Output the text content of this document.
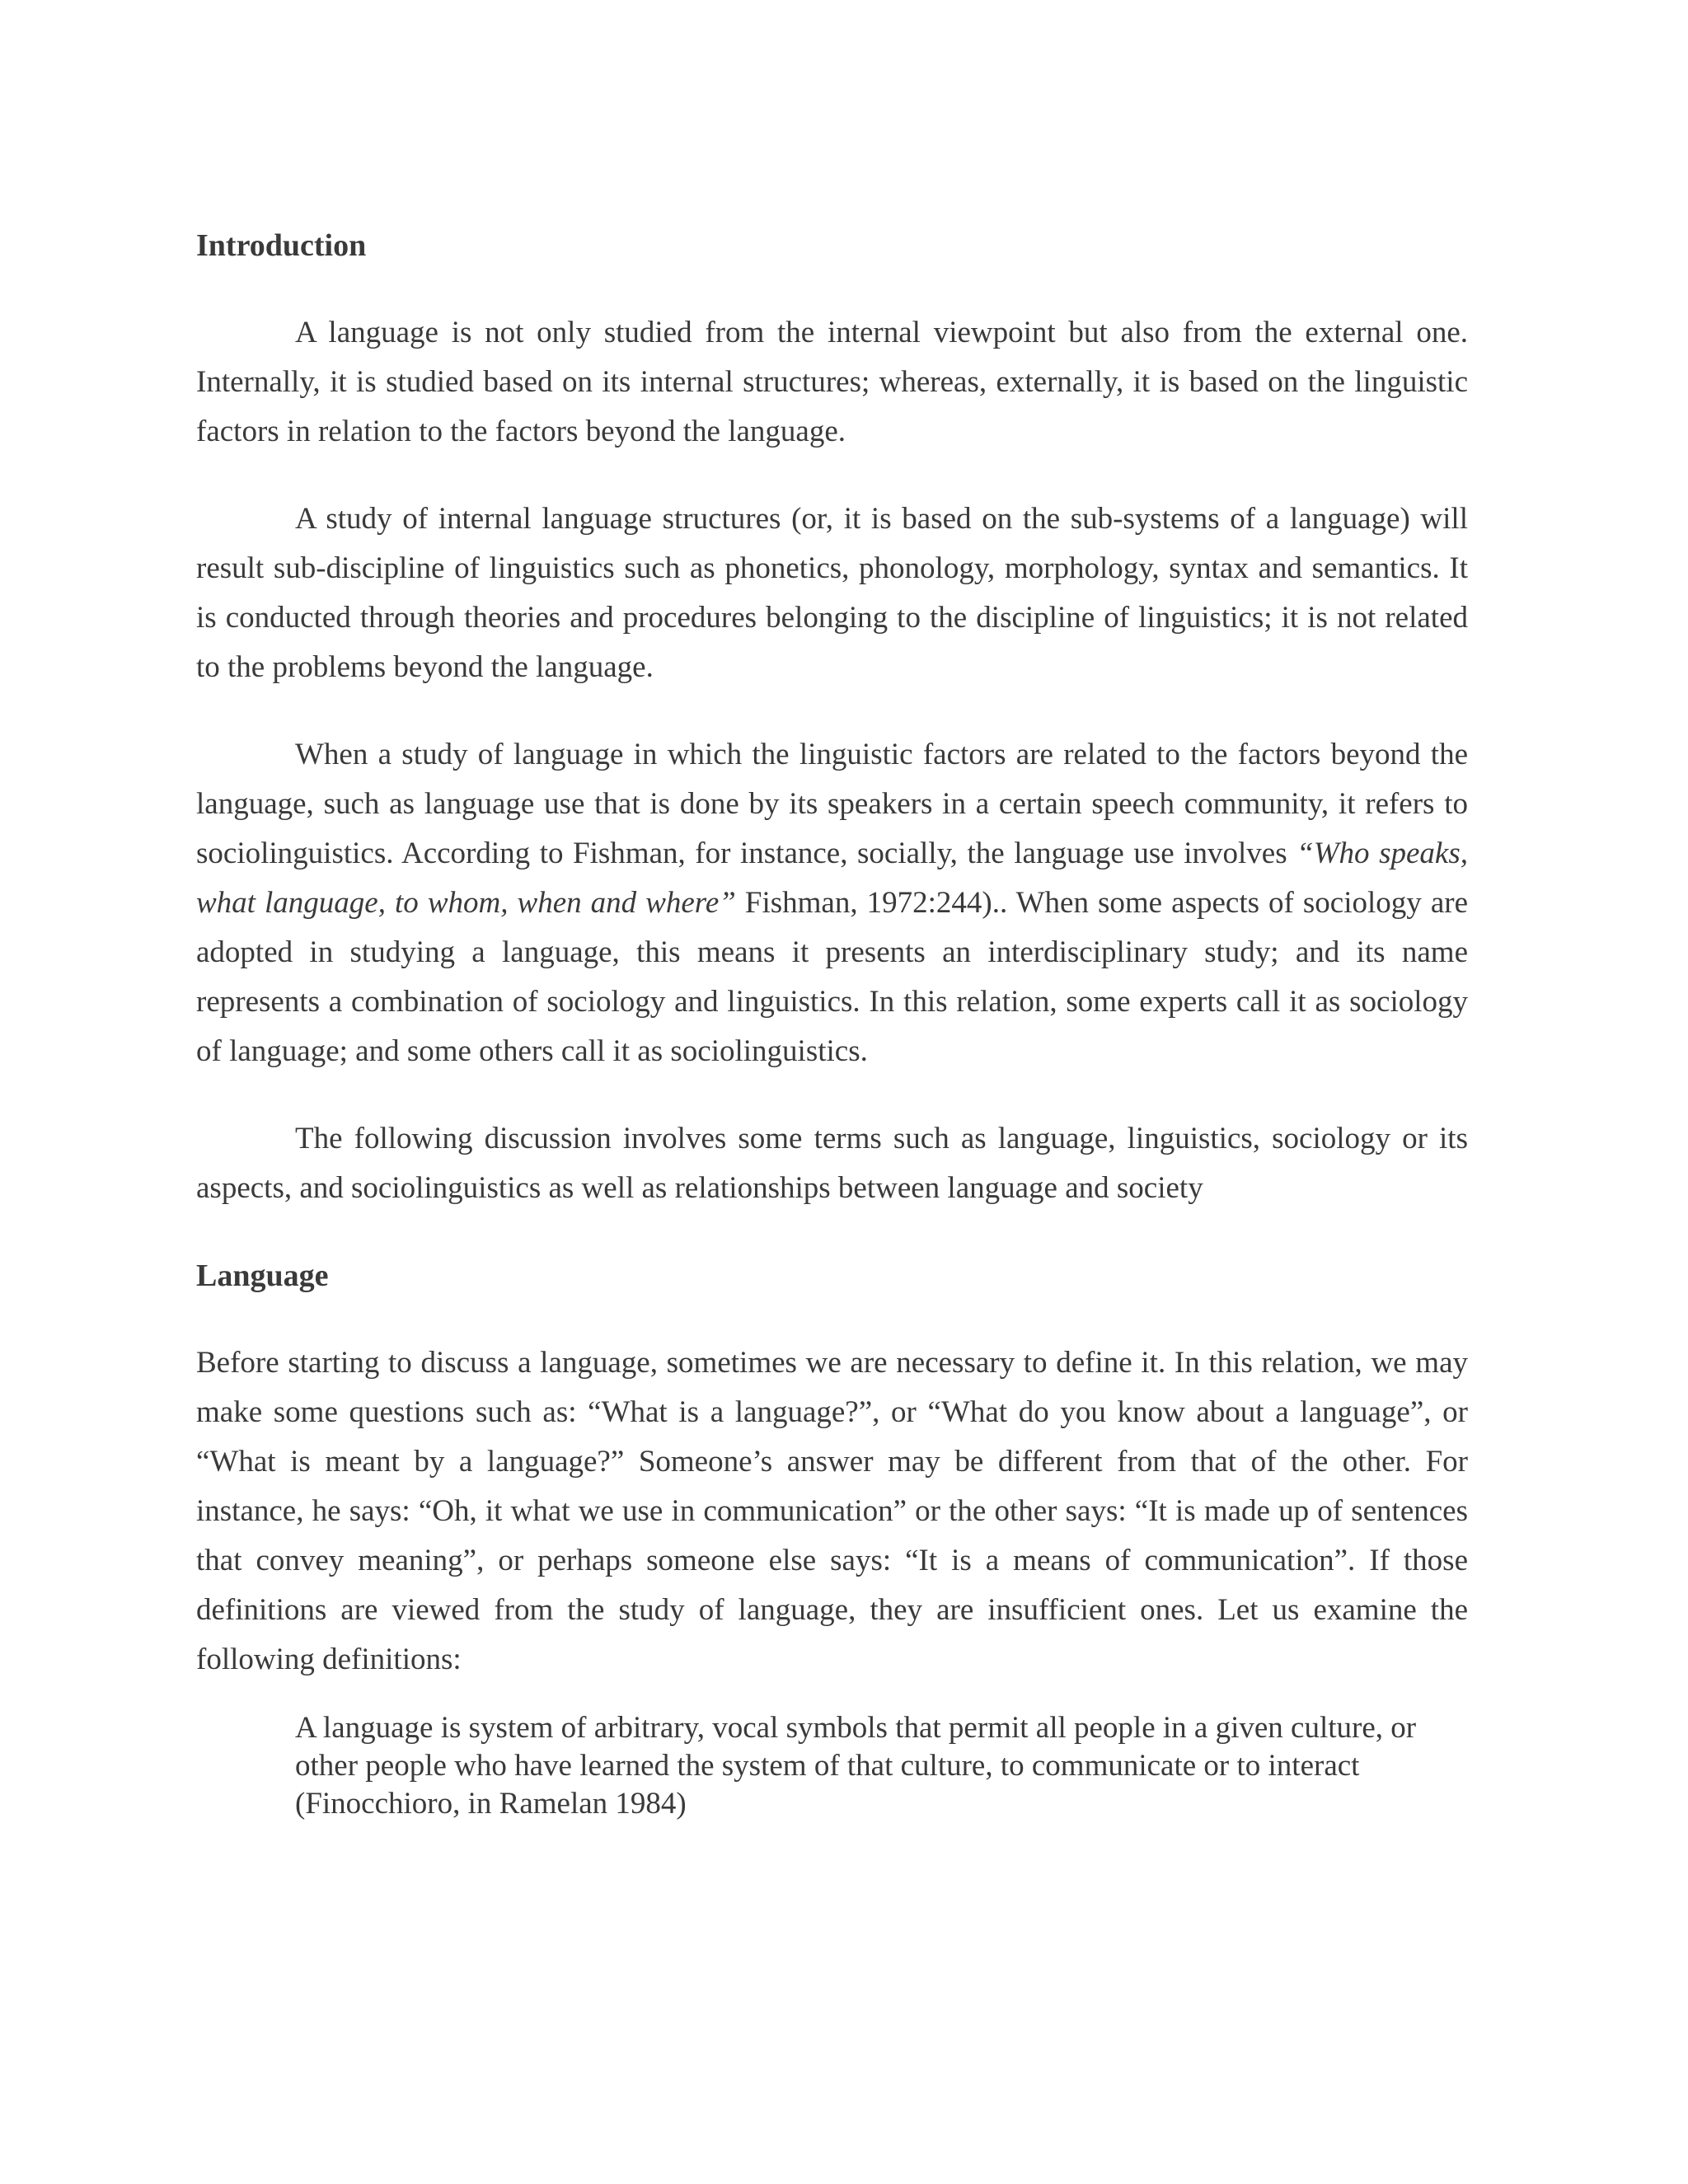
Introduction

A language is not only studied from the internal viewpoint but also from the external one. Internally, it is studied based on its internal structures; whereas, externally, it is based on the linguistic factors in relation to the factors beyond the language.

A study of internal language structures (or, it is based on the sub-systems of a language) will result sub-discipline of linguistics such as phonetics, phonology, morphology, syntax and semantics. It is conducted through theories and procedures belonging to the discipline of linguistics; it is not related to the problems beyond the language.

When a study of language in which the linguistic factors are related to the factors beyond the language, such as language use that is done by its speakers in a certain speech community, it refers to sociolinguistics. According to Fishman, for instance, socially, the language use involves “Who speaks, what language, to whom, when and where” Fishman, 1972:244).. When some aspects of sociology are adopted in studying a language, this means it presents an interdisciplinary study; and its name represents a combination of sociology and linguistics. In this relation, some experts call it as sociology of language; and some others call it as sociolinguistics.

The following discussion involves some terms such as language, linguistics, sociology or its aspects, and sociolinguistics as well as relationships between language and society

Language

Before starting to discuss a language, sometimes we are necessary to define it. In this relation, we may make some questions such as: “What is a language?”, or “What do you know about a language”, or “What is meant by a language?” Someone’s answer may be different from that of the other. For instance, he says: “Oh, it what we use in communication” or the other says: “It is made up of sentences that convey meaning”, or perhaps someone else says: “It is a means of communication”. If those definitions are viewed from the study of language, they are insufficient ones. Let us examine the following definitions:

A language is system of arbitrary, vocal symbols that permit all people in a given culture, or other people who have learned the system of that culture, to communicate or to interact (Finocchioro, in Ramelan 1984)
